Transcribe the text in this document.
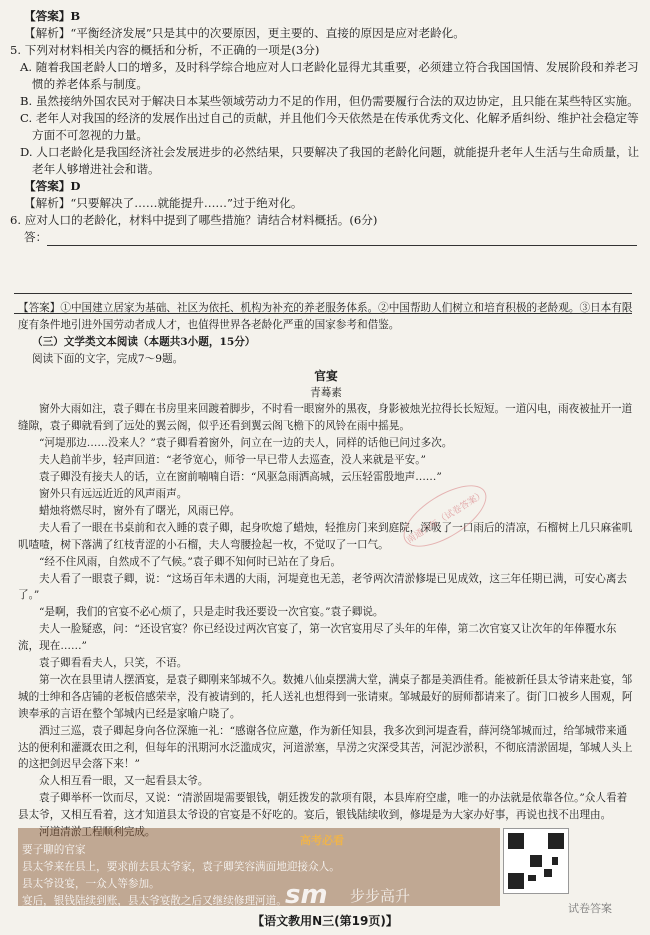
【答案】B

【解析】“平衡经济发展”只是其中的次要原因，更主要的、直接的原因是应对老龄化。

5. 下列对材料相关内容的概括和分析，不正确的一项是(3分)

A. 随着我国老龄人口的增多，及时科学综合地应对人口老龄化显得尤其重要，必须建立符合我国国情、发展阶段和养老习惯的养老体系与制度。

B. 虽然接纳外国农民对于解决日本某些领域劳动力不足的作用，但仍需要履行合法的双边协定，且只能在某些特区实施。

C. 老年人对我国的经济的发展作出过自己的贡献，并且他们今天依然是在传承优秀文化、化解矛盾纠纷、维护社会稳定等方面不可忽视的力量。

D. 人口老龄化是我国经济社会发展进步的必然结果，只要解决了我国的老龄化问题，就能提升老年人生活与生命质量，让老年人够增进社会和谐。

【答案】D

【解析】“只要解决了……就能提升……”过于绝对化。

6. 应对人口的老龄化，材料中提到了哪些措施？请结合材料概括。(6分)

答：

【答案】①中国建立居家为基础、社区为依托、机构为补充的养老服务体系。②中国帮助人们树立和培育积极的老龄观。③日本有限度有条件地引进外国劳动者成人才，也值得世界各老龄化严重的国家参考和借鉴。

（三）文学类文本阅读（本题共3小题，15分）

阅读下面的文字，完成7～9题。

官宴

青蓦素

窗外大雨如注，袁子卿在书房里来回踱着脚步，不时看一眼窗外的黑夜，身影被烛光拉得长长短短。一道闪电，雨夜被扯开一道缝隙，袁子卿就看到了远处的翼云阁，似乎还看到翼云阁飞檐下的风铃在雨中摇晃。

“河堤那边……没来人？”袁子卿看着窗外，问立在一边的夫人，同样的话他已问过多次。

夫人趋前半步，轻声回道：“老爷宽心，师爷一早已带人去巡查，没人来就是平安。”

袁子卿没有接夫人的话，立在窗前喃喃自语：“风驱急雨洒高城，云压轻雷殷地声……”

窗外只有远远近近的风声雨声。

蜡烛将燃尽时，窗外有了曙光，风雨已停。

夫人看了一眼在书桌前和衣入睡的袁子卿，起身吹熄了蜡烛，轻推房门来到庭院，深吸了一口雨后的清凉，石榴树上几只麻雀叽叽喳喳，树下落满了红枝青涩的小石榴，夫人弯腰捡起一枚，不觉叹了一口气。

“经不住风雨，自然成不了气候。”袁子卿不知何时已站在了身后。

夫人看了一眼袁子卿，说：“这场百年未遇的大雨，河堤竟也无恙，老爷两次清淤修堤已见成效，这三年任期已满，可安心离去了。”

“是啊，我们的官宴不必心烦了，只是走时我还要设一次官宴。”袁子卿说。

夫人一脸疑惑，问：“还设官宴？你已经设过两次官宴了，第一次官宴用尽了头年的年俸，第二次官宴又让次年的年俸覆水东流，现在……”

袁子卿看看夫人，只笑，不语。

第一次在县里请人摆酒宴，是袁子卿刚来邹城不久。数摊八仙桌摆满大堂，满桌子都是美酒佳肴。能被新任县太爷请来赴宴，邹城的士绅和各店铺的老板倍感荣幸，没有被请到的，托人送礼也想得到一张请柬。邹城最好的厨师都请来了。街门口被乡人围观，阿谀奉承的言语在整个邹城内已经是家喻户晓了。

酒过三巡，袁子卿起身向各位深施一礼：“感谢各位应邀，作为新任知县，我多次到河堤查看，薛河绕邹城而过，给邹城带来通达的便利和灌溉农田之利，但每年的汛期河水泛滥成灾，河道淤塞，旱涝之灾深受其苦，河泥沙淤积，不彻底清淤固堤，邹城人头上的这把剑迟早会落下来！”

众人相互看一眼，又一起看县太爷。

袁子卿举杯一饮而尽，又说：“清淤固堤需要银钱，朝廷拨发的款项有限，本县库府空虚，唯一的办法就是依靠各位。”众人看着县太爷，又相互看着，这才知道县太爷设的官宴是不好吃的。宴后，银钱陆续收到，修堤是为大家办好事，再说也找不出理由。

河道清淤工程顺利完成。

南通六年（试卷答案）
高考必看
要子聊的官家
县太爷来在县上，要求前去县太爷家，袁子卿笑容满面地迎接众人。
县太爷设宴，一众人等参加。
宴后，银钱陆续到账，县太爷宴散之后又继续修理河道。
sm 步步高升
试卷答案
【语文教用N三(第19页)】
